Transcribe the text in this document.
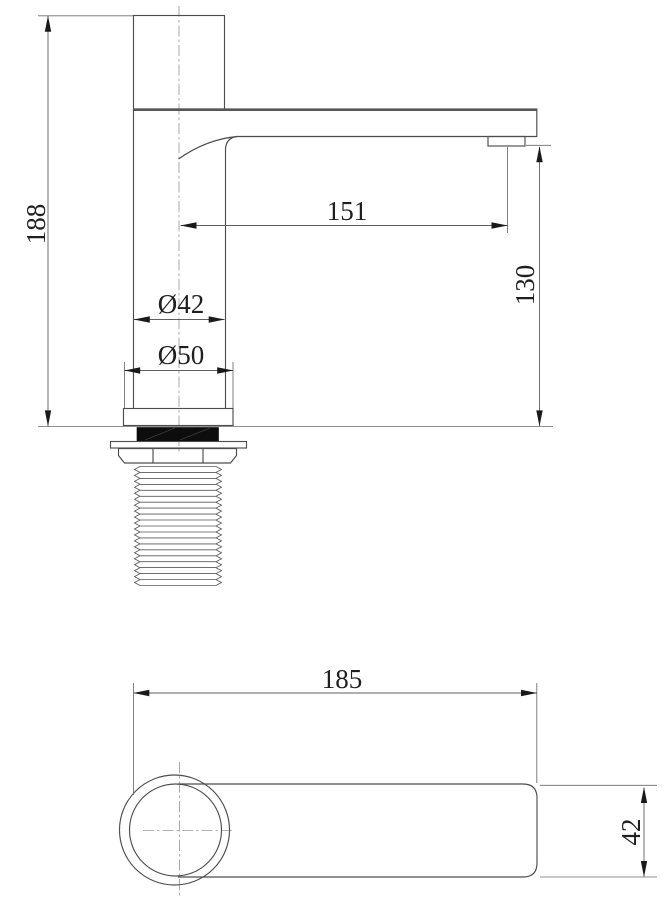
188	151
130
Ø42
Ø50
185
42
